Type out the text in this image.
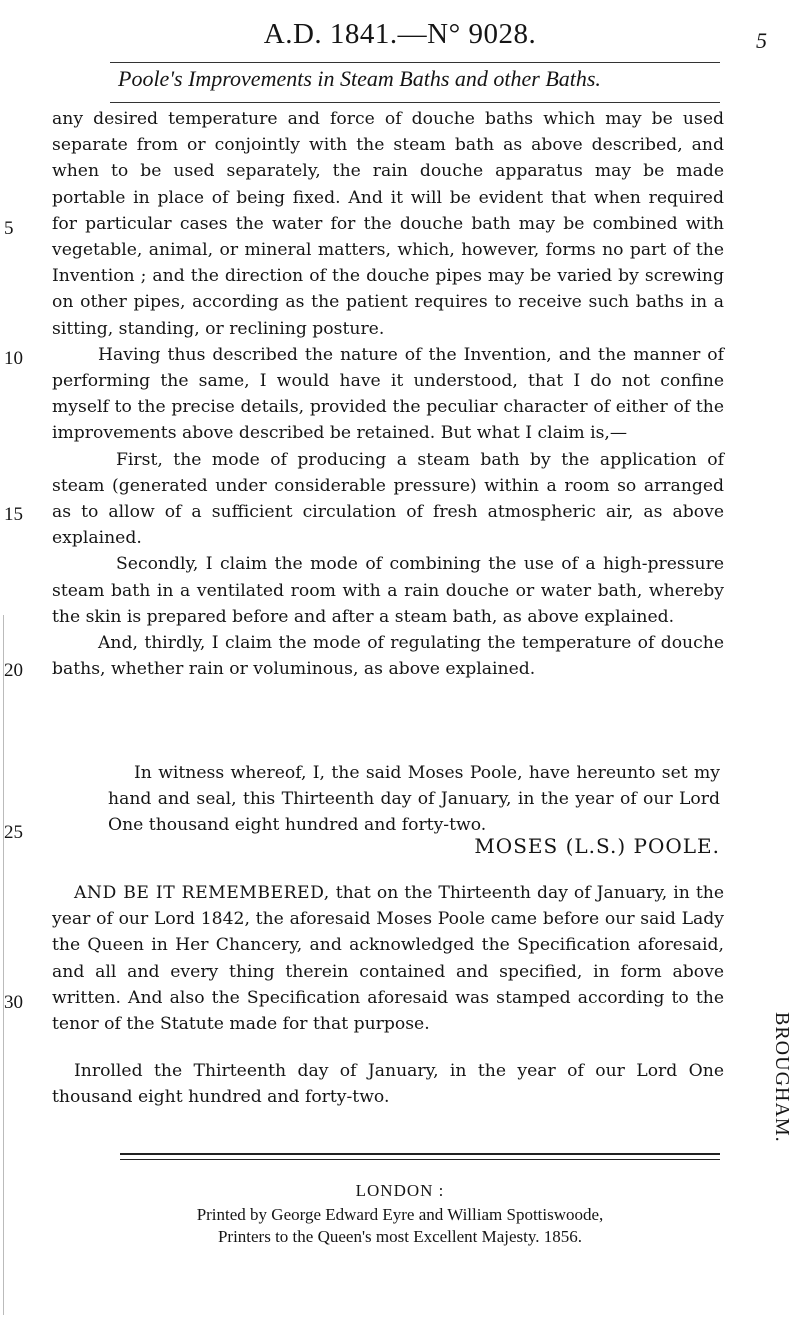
A.D. 1841.—N° 9028.	5
Poole's Improvements in Steam Baths and other Baths.

any desired temperature and force of douche baths which may be used separate from or conjointly with the steam bath as above described, and when to be used separately, the rain douche apparatus may be made portable in place of being fixed. And it will be evident that when required for particular cases the water for the douche bath may be combined with vegetable, animal, or mineral matters, which, however, forms no part of the Invention ; and the direction of the douche pipes may be varied by screwing on other pipes, according as the patient requires to receive such baths in a sitting, standing, or reclining posture.

Having thus described the nature of the Invention, and the manner of performing the same, I would have it understood, that I do not confine myself to the precise details, provided the peculiar character of either of the improvements above described be retained. But what I claim is,—

First, the mode of producing a steam bath by the application of steam (generated under considerable pressure) within a room so arranged as to allow of a sufficient circulation of fresh atmospheric air, as above explained.

Secondly, I claim the mode of combining the use of a high-pressure steam bath in a ventilated room with a rain douche or water bath, whereby the skin is prepared before and after a steam bath, as above explained.

And, thirdly, I claim the mode of regulating the temperature of douche baths, whether rain or voluminous, as above explained.

In witness whereof, I, the said Moses Poole, have hereunto set my hand and seal, this Thirteenth day of January, in the year of our Lord One thousand eight hundred and forty-two.
MOSES (L.S.) POOLE.
AND BE IT REMEMBERED, that on the Thirteenth day of January, in the year of our Lord 1842, the aforesaid Moses Poole came before our said Lady the Queen in Her Chancery, and acknowledged the Specification aforesaid, and all and every thing therein contained and specified, in form above written. And also the Specification aforesaid was stamped according to the tenor of the Statute made for that purpose.
Inrolled the Thirteenth day of January, in the year of our Lord One thousand eight hundred and forty-two.
5
10
15
20
25
30
BROUGHAM.
LONDON :
Printed by George Edward Eyre and William Spottiswoode,
Printers to the Queen's most Excellent Majesty. 1856.
